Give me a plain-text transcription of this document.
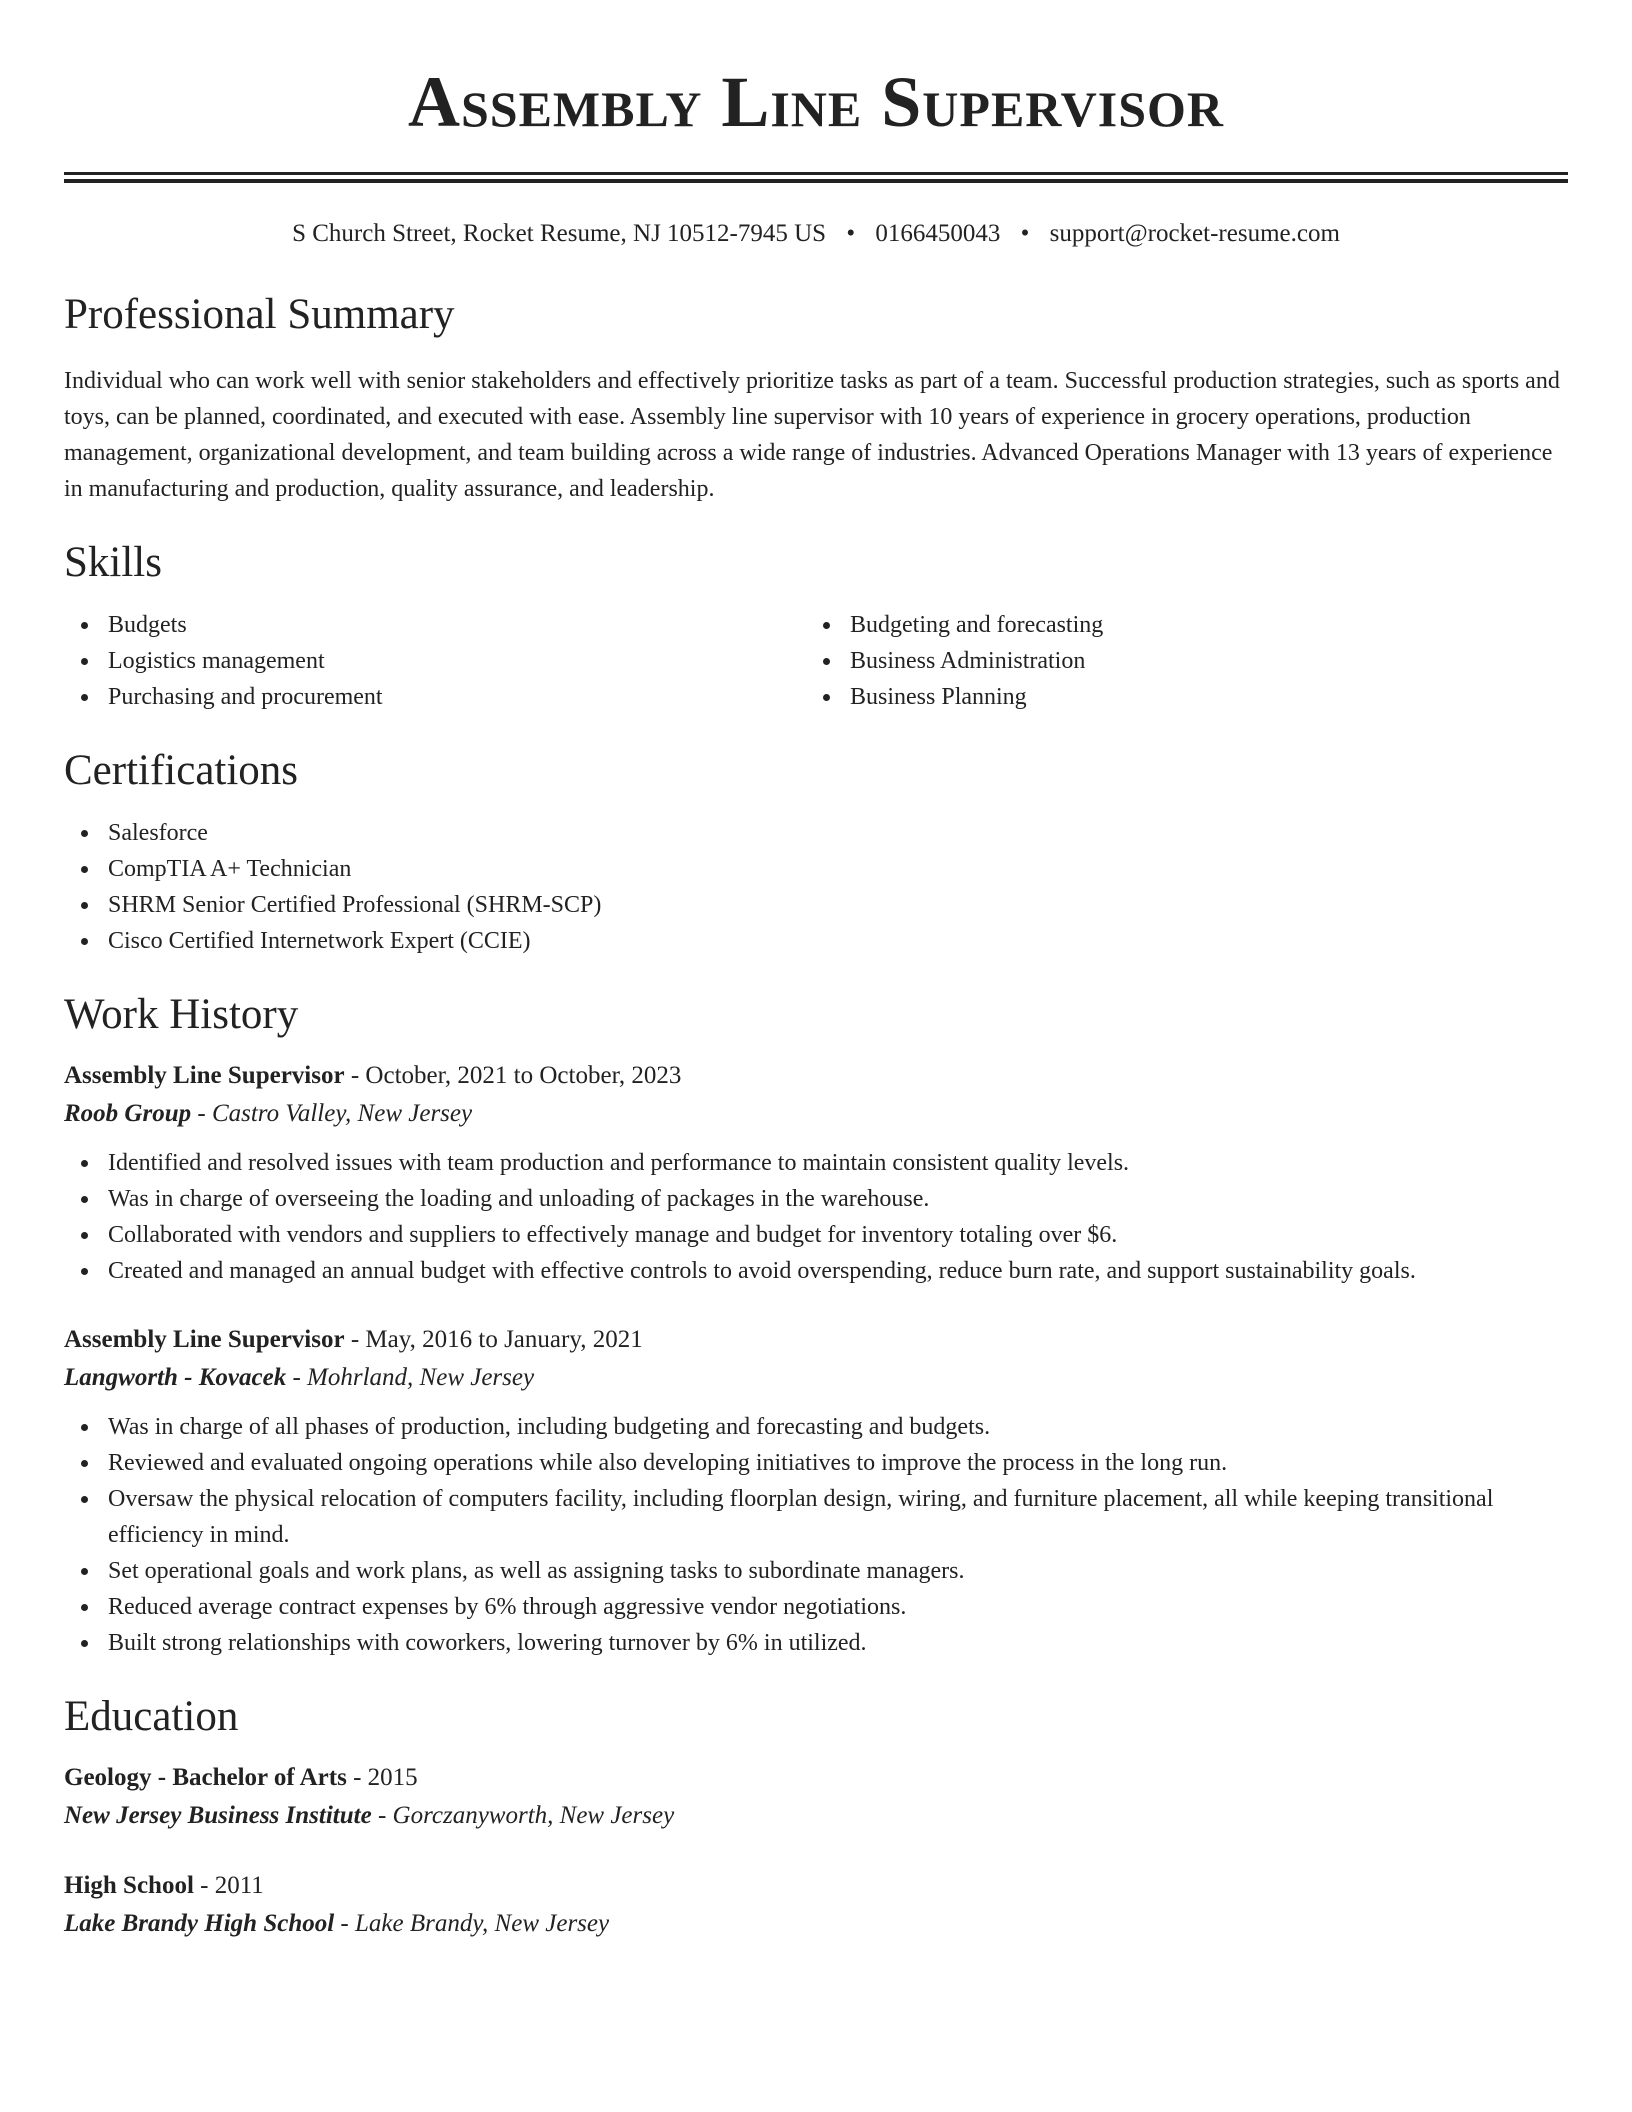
Assembly Line Supervisor
S Church Street, Rocket Resume, NJ 10512-7945 US • 0166450043 • support@rocket-resume.com
Professional Summary

Individual who can work well with senior stakeholders and effectively prioritize tasks as part of a team. Successful production strategies, such as sports and toys, can be planned, coordinated, and executed with ease. Assembly line supervisor with 10 years of experience in grocery operations, production management, organizational development, and team building across a wide range of industries. Advanced Operations Manager with 13 years of experience in manufacturing and production, quality assurance, and leadership.

Skills
Budgets
Logistics management
Purchasing and procurement
Budgeting and forecasting
Business Administration
Business Planning
Certifications
Salesforce
CompTIA A+ Technician
SHRM Senior Certified Professional (SHRM-SCP)
Cisco Certified Internetwork Expert (CCIE)
Work History
Assembly Line Supervisor - October, 2021 to October, 2023
Roob Group - Castro Valley, New Jersey
Identified and resolved issues with team production and performance to maintain consistent quality levels.
Was in charge of overseeing the loading and unloading of packages in the warehouse.
Collaborated with vendors and suppliers to effectively manage and budget for inventory totaling over $6.
Created and managed an annual budget with effective controls to avoid overspending, reduce burn rate, and support sustainability goals.
Assembly Line Supervisor - May, 2016 to January, 2021
Langworth - Kovacek - Mohrland, New Jersey
Was in charge of all phases of production, including budgeting and forecasting and budgets.
Reviewed and evaluated ongoing operations while also developing initiatives to improve the process in the long run.
Oversaw the physical relocation of computers facility, including floorplan design, wiring, and furniture placement, all while keeping transitional efficiency in mind.
Set operational goals and work plans, as well as assigning tasks to subordinate managers.
Reduced average contract expenses by 6% through aggressive vendor negotiations.
Built strong relationships with coworkers, lowering turnover by 6% in utilized.
Education
Geology - Bachelor of Arts - 2015
New Jersey Business Institute - Gorczanyworth, New Jersey
High School - 2011
Lake Brandy High School - Lake Brandy, New Jersey
